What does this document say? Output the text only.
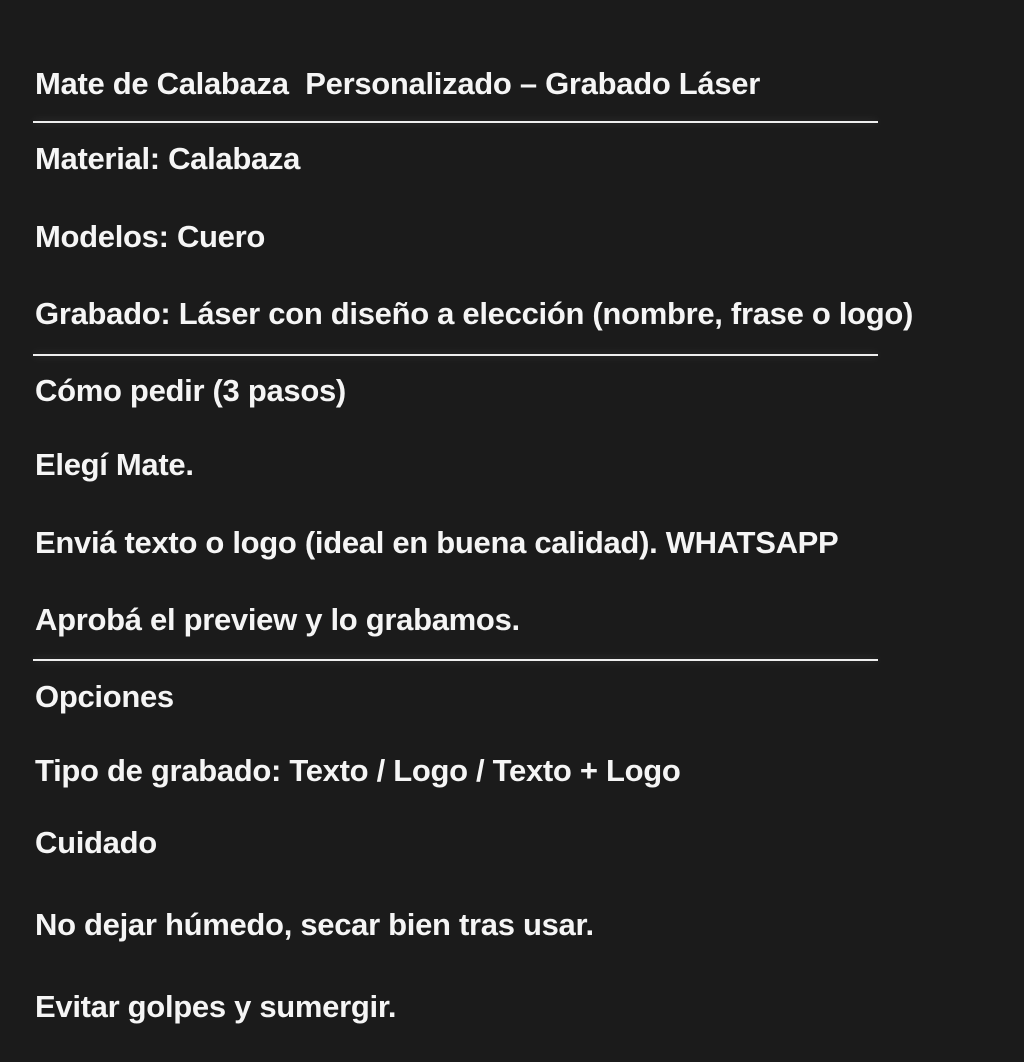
Mate de Calabaza  Personalizado – Grabado Láser

Material: Calabaza

Modelos: Cuero

Grabado: Láser con diseño a elección (nombre, frase o logo)

Cómo pedir (3 pasos)

Elegí Mate.

Enviá texto o logo (ideal en buena calidad). WHATSAPP

Aprobá el preview y lo grabamos.

Opciones

Tipo de grabado: Texto / Logo / Texto + Logo

Cuidado

No dejar húmedo, secar bien tras usar.

Evitar golpes y sumergir.
